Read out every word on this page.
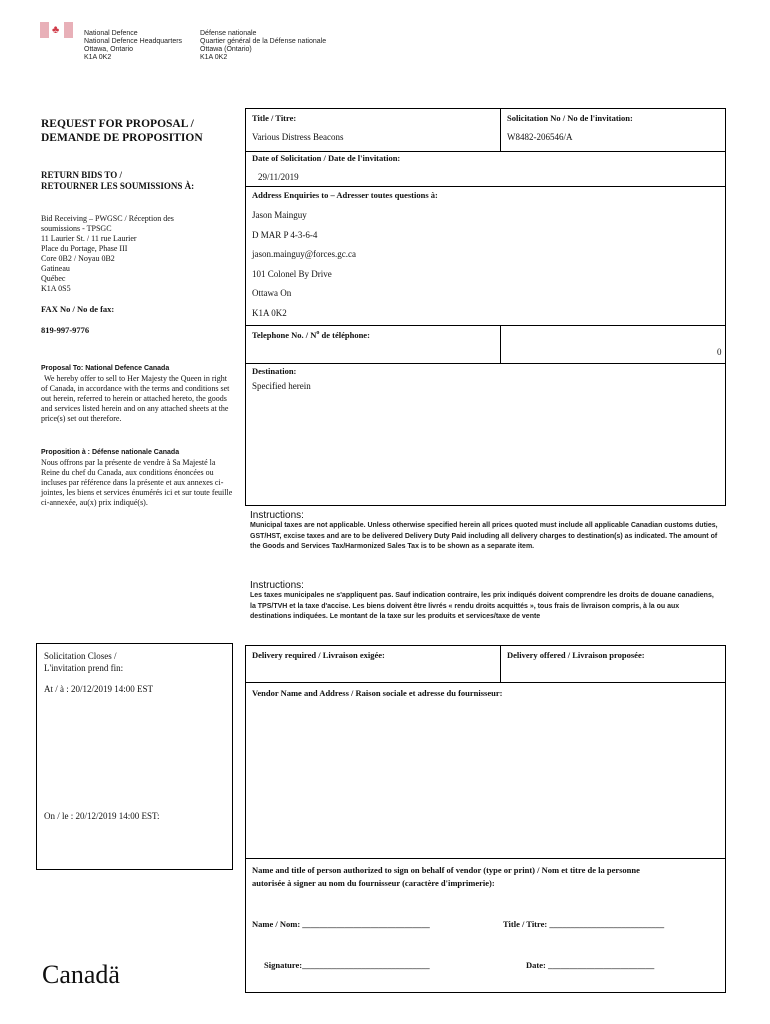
♣	National Defence
National Defence Headquarters
Ottawa, Ontario
K1A 0K2
Défense nationale
Quartier général de la Défense nationale
Ottawa (Ontario)
K1A 0K2
REQUEST FOR PROPOSAL /
DEMANDE DE PROPOSITION
RETURN BIDS TO /
RETOURNER LES SOUMISSIONS À:
Bid Receiving – PWGSC / Réception des
soumissions - TPSGC
11 Laurier St. / 11 rue Laurier
Place du Portage, Phase III
Core 0B2 / Noyau 0B2
Gatineau
Québec
K1A 0S5
FAX No / No de fax:
819-997-9776
Proposal To: National Defence Canada
We hereby offer to sell to Her Majesty the Queen in right of Canada, in accordance with the terms and conditions set out herein, referred to herein or attached hereto, the goods and services listed herein and on any attached sheets at the price(s) set out therefore.
Proposition à : Défense nationale Canada
Nous offrons par la présente de vendre à Sa Majesté la Reine du chef du Canada, aux conditions énoncées ou incluses par référence dans la présente et aux annexes ci-jointes, les biens et services énumérés ici et sur toute feuille ci-annexée, au(x) prix indiqué(s).
Title / Titre:
Various Distress Beacons
Solicitation No / No de l'invitation:
W8482-206546/A
Date of Solicitation / Date de l'invitation:
29/11/2019
Address Enquiries to – Adresser toutes questions à:
Jason Mainguy
D MAR P 4-3-6-4
jason.mainguy@forces.gc.ca
101 Colonel By Drive
Ottawa On
K1A 0K2
Telephone No. / $N^o$ de téléphone:
0
Destination:
Specified herein
Instructions:
Municipal taxes are not applicable. Unless otherwise specified herein all prices quoted must include all applicable Canadian customs duties, GST/HST, excise taxes and are to be delivered Delivery Duty Paid including all delivery charges to destination(s) as indicated. The amount of the Goods and Services Tax/Harmonized Sales Tax is to be shown as a separate item.
Instructions:
Les taxes municipales ne s'appliquent pas. Sauf indication contraire, les prix indiqués doivent comprendre les droits de douane canadiens, la TPS/TVH et la taxe d'accise. Les biens doivent être livrés « rendu droits acquittés », tous frais de livraison compris, à la ou aux destinations indiquées. Le montant de la taxe sur les produits et services/taxe de vente
Solicitation Closes /
L'invitation prend fin:
At / à : 20/12/2019 14:00 EST
On / le : 20/12/2019 14:00 EST:
Delivery required / Livraison exigée:	Delivery offered / Livraison proposée:
Vendor Name and Address / Raison sociale et adresse du fournisseur:
Name and title of person authorized to sign on behalf of vendor (type or print) / Nom et titre de la personne
autorisée à signer au nom du fournisseur (caractère d'imprimerie):
Name / Nom: ______________________________	Title / Titre: ___________________________
Signature:______________________________	Date: _________________________
Canadä
